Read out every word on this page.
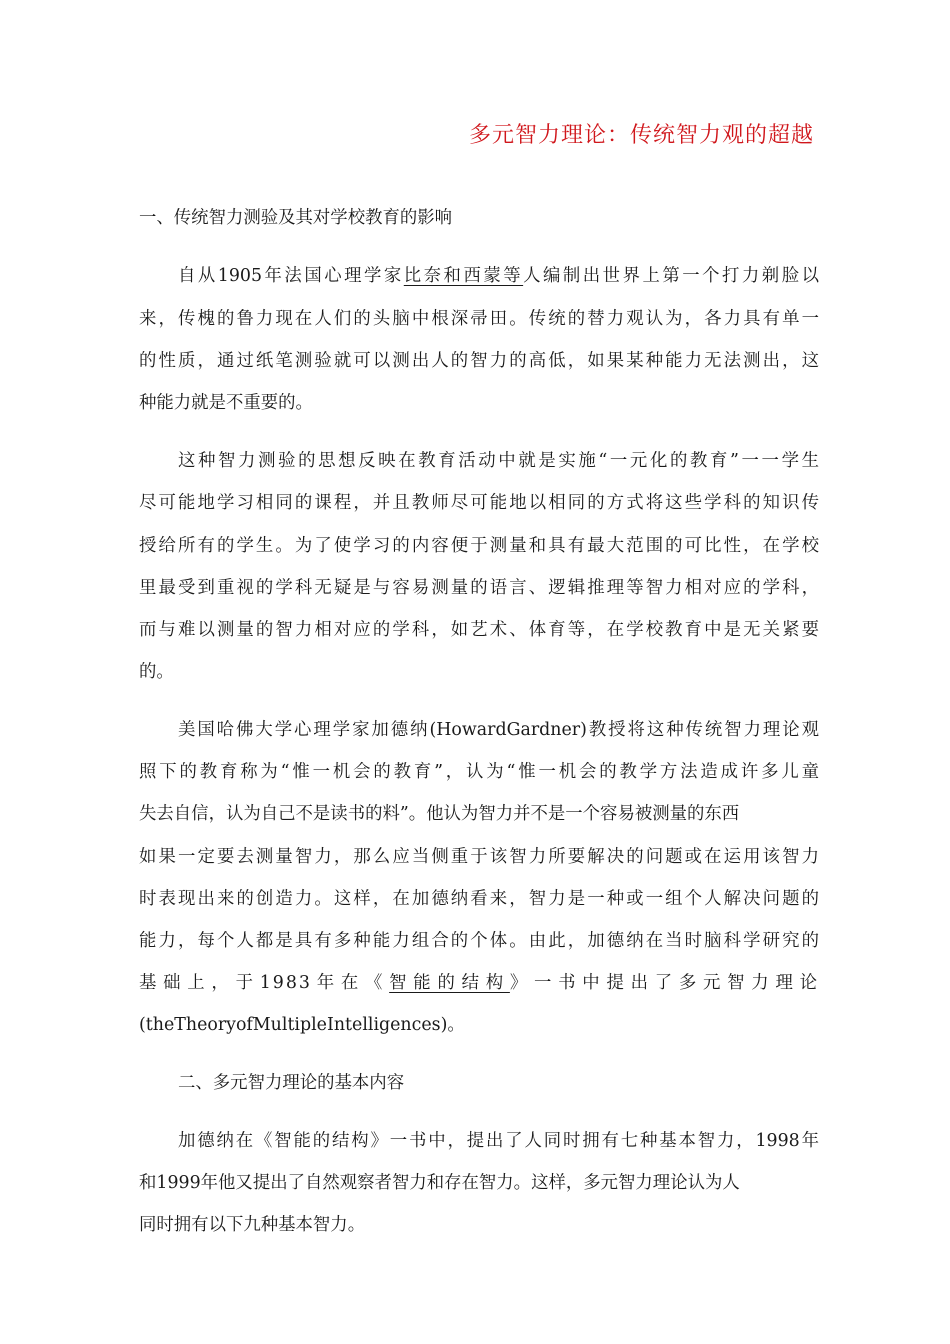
多元智力理论：传统智力观的超越
一、传统智力测验及其对学校教育的影响
自从1905年法国心理学家比奈和西蒙等人编制出世界上第一个打力剃脸以
来，传槐的鲁力现在人们的头脑中根深帚田。传统的替力观认为，各力具有单一
的性质，通过纸笔测验就可以测出人的智力的高低，如果某种能力无法测出，这
种能力就是不重要的。
这种智力测验的思想反映在教育活动中就是实施“一元化的教育”一一学生
尽可能地学习相同的课程，并且教师尽可能地以相同的方式将这些学科的知识传
授给所有的学生。为了使学习的内容便于测量和具有最大范围的可比性，在学校
里最受到重视的学科无疑是与容易测量的语言、逻辑推理等智力相对应的学科，
而与难以测量的智力相对应的学科，如艺术、体育等，在学校教育中是无关紧要
的。
美国哈佛大学心理学家加德纳(HowardGardner)教授将这种传统智力理论观
照下的教育称为“惟一机会的教育”，认为“惟一机会的教学方法造成许多儿童
失去自信，认为自己不是读书的料”。他认为智力并不是一个容易被测量的东西
如果一定要去测量智力，那么应当侧重于该智力所要解决的问题或在运用该智力
时表现出来的创造力。这样，在加德纳看来，智力是一种或一组个人解决问题的
能力，每个人都是具有多种能力组合的个体。由此，加德纳在当时脑科学研究的
基础上，于1983年在《智能的结构》一书中提出了多元智力理论
(theTheoryofMultipleIntelligences)。
二、多元智力理论的基本内容
加德纳在《智能的结构》一书中，提出了人同时拥有七种基本智力，1998年
和1999年他又提出了自然观察者智力和存在智力。这样，多元智力理论认为人
同时拥有以下九种基本智力。
